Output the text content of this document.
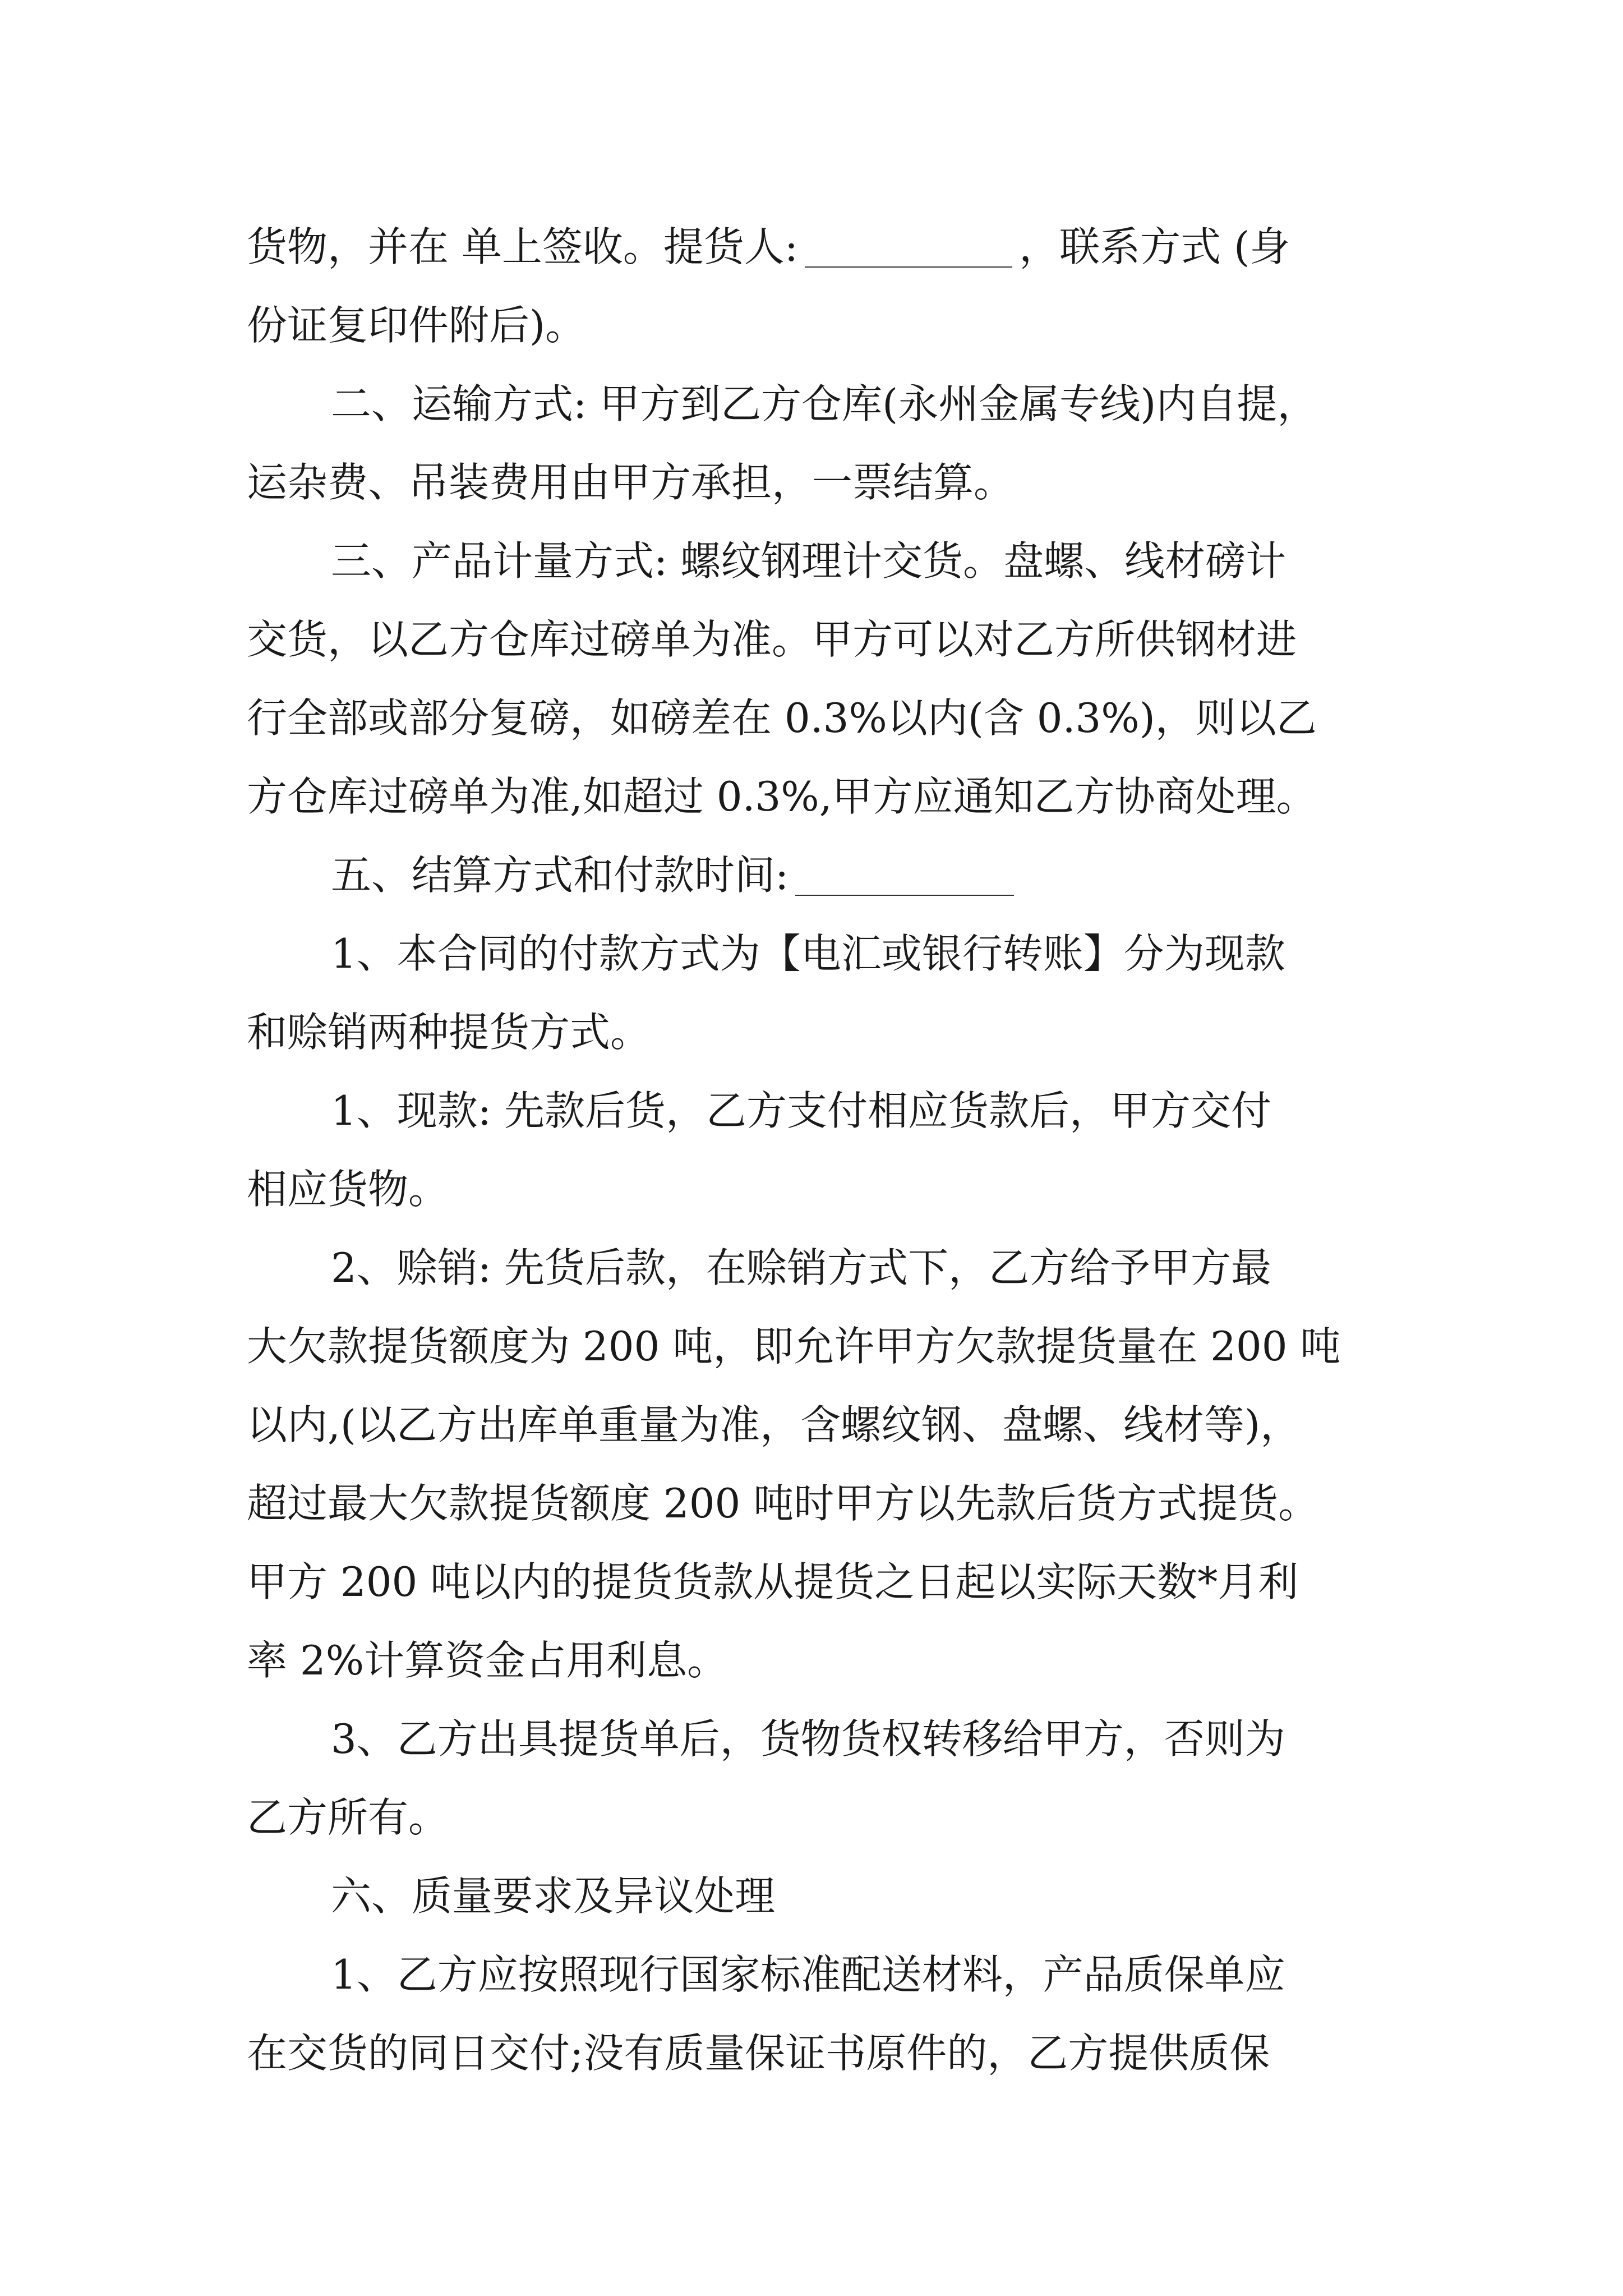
货物，并在 单上签收。提货人:	，联系方式 (身
份证复印件附后)。
二、运输方式: 甲方到乙方仓库(永州金属专线)内自提，
运杂费、吊装费用由甲方承担，一票结算。
三、产品计量方式: 螺纹钢理计交货。盘螺、线材磅计
交货，以乙方仓库过磅单为准。甲方可以对乙方所供钢材进
行全部或部分复磅，如磅差在 0.3%以内(含 0.3%)，则以乙
方仓库过磅单为准,如超过 0.3%,甲方应通知乙方协商处理。
五、结算方式和付款时间:
1、本合同的付款方式为【电汇或银行转账】分为现款
和赊销两种提货方式。
1、现款: 先款后货，乙方支付相应货款后，甲方交付
相应货物。
2、赊销: 先货后款，在赊销方式下，乙方给予甲方最
大欠款提货额度为 200 吨，即允许甲方欠款提货量在 200 吨
以内,(以乙方出库单重量为准，含螺纹钢、盘螺、线材等)，
超过最大欠款提货额度 200 吨时甲方以先款后货方式提货。
甲方 200 吨以内的提货货款从提货之日起以实际天数*月利
率 2%计算资金占用利息。
3、乙方出具提货单后，货物货权转移给甲方，否则为
乙方所有。
六、质量要求及异议处理
1、乙方应按照现行国家标准配送材料，产品质保单应
在交货的同日交付;没有质量保证书原件的，乙方提供质保
